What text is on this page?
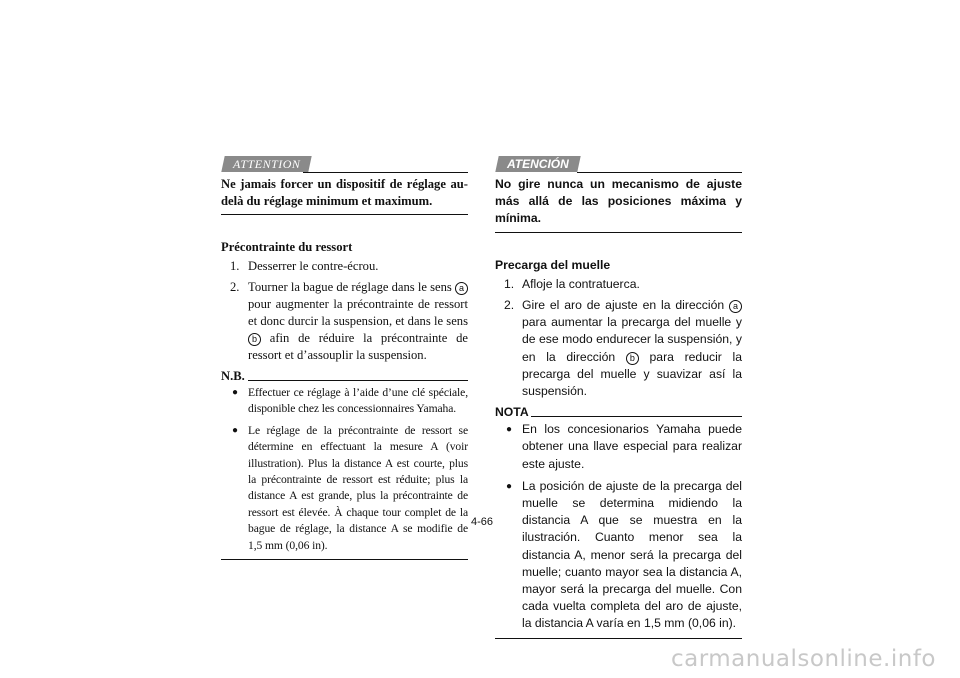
ATTENTION
Ne jamais forcer un dispositif de réglage au-delà du réglage minimum et maximum.
Précontrainte du ressort
1. Desserrer le contre-écrou.
2. Tourner la bague de réglage dans le sens a pour augmenter la précontrainte de ressort et donc durcir la suspension, et dans le sens b afin de réduire la précontrainte de ressort et d’assouplir la suspension.
N.B.
● Effectuer ce réglage à l’aide d’une clé spéciale, disponible chez les concessionnaires Yamaha.
● Le réglage de la précontrainte de ressort se détermine en effectuant la mesure A (voir illustration). Plus la distance A est courte, plus la précontrainte de ressort est réduite; plus la distance A est grande, plus la précontrainte de ressort est élevée. À chaque tour complet de la bague de réglage, la distance A se modifie de 1,5 mm (0,06 in).
ATENCIÓN
No gire nunca un mecanismo de ajuste más allá de las posiciones máxima y mínima.
Precarga del muelle
1. Afloje la contratuerca.
2. Gire el aro de ajuste en la dirección a para aumentar la precarga del muelle y de ese modo endurecer la suspensión, y en la dirección b para reducir la precarga del muelle y suavizar así la suspensión.
NOTA
● En los concesionarios Yamaha puede obtener una llave especial para realizar este ajuste.
● La posición de ajuste de la precarga del muelle se determina midiendo la distancia A que se muestra en la ilustración. Cuanto menor sea la distancia A, menor será la precarga del muelle; cuanto mayor sea la distancia A, mayor será la precarga del muelle. Con cada vuelta completa del aro de ajuste, la distancia A varía en 1,5 mm (0,06 in).
4-66
carmanualsonline.info
